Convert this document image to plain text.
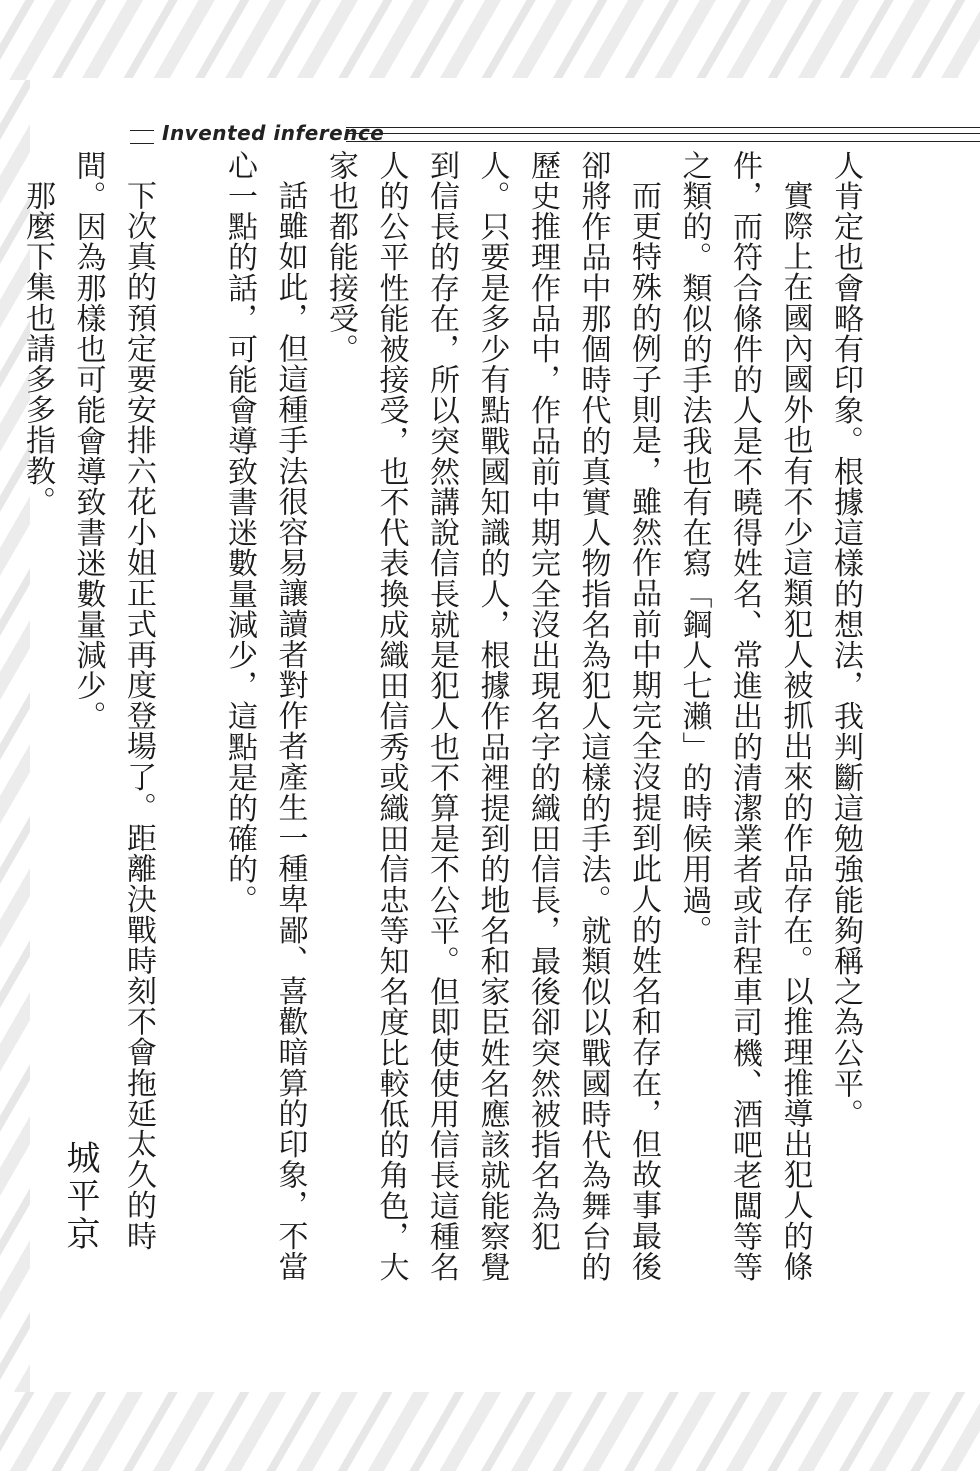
Invented inference

人肯定也會略有印象。根據這樣的想法，我判斷這勉強能夠稱之為公平。

實際上在國內國外也有不少這類犯人被抓出來的作品存在。以推理推導出犯人的條件，而符合條件的人是不曉得姓名、常進出的清潔業者或計程車司機、酒吧老闆等等之類的。類似的手法我也有在寫「鋼人七瀨」的時候用過。

而更特殊的例子則是，雖然作品前中期完全沒提到此人的姓名和存在，但故事最後卻將作品中那個時代的真實人物指名為犯人這樣的手法。就類似以戰國時代為舞台的歷史推理作品中，作品前中期完全沒出現名字的織田信長，最後卻突然被指名為犯人。只要是多少有點戰國知識的人，根據作品裡提到的地名和家臣姓名應該就能察覺到信長的存在，所以突然講說信長就是犯人也不算是不公平。但即使使用信長這種名人的公平性能被接受，也不代表換成織田信秀或織田信忠等知名度比較低的角色，大家也都能接受。

話雖如此，但這種手法很容易讓讀者對作者產生一種卑鄙、喜歡暗算的印象，不當心一點的話，可能會導致書迷數量減少，這點是的確的。

下次真的預定要安排六花小姐正式再度登場了。距離決戰時刻不會拖延太久的時間。因為那樣也可能會導致書迷數量減少。

那麼下集也請多多指教。

城平京
